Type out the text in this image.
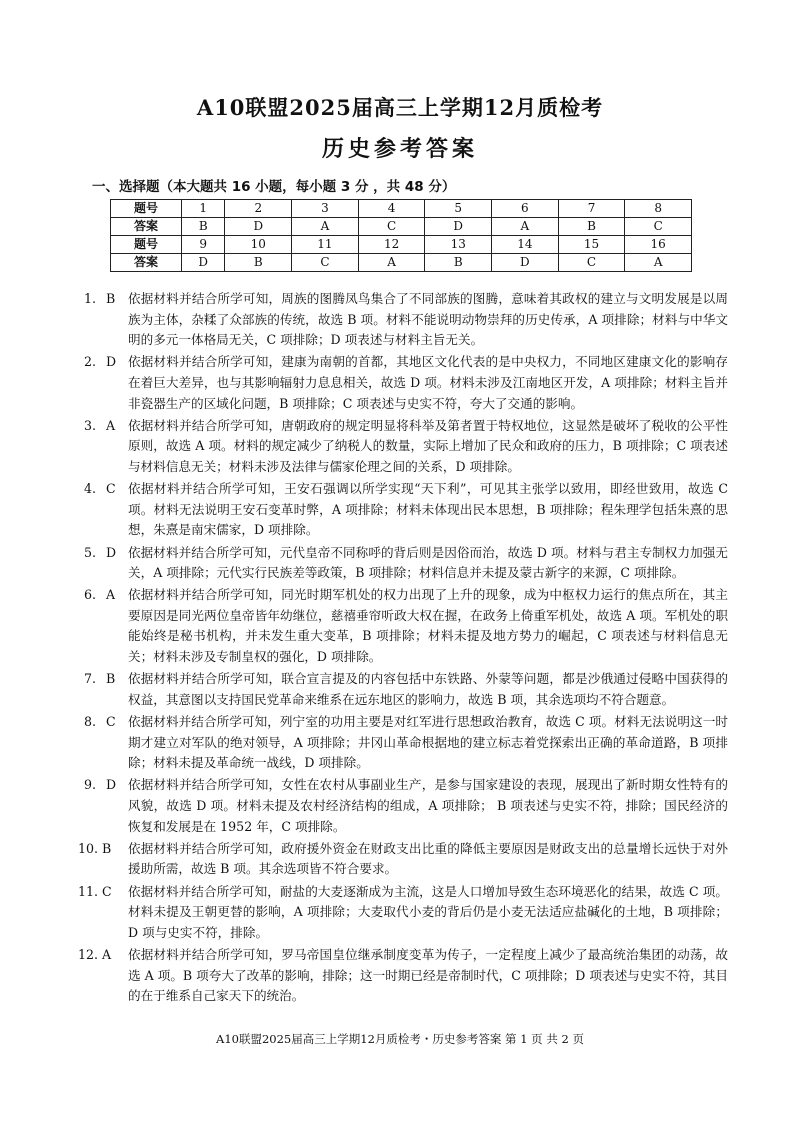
A10联盟2025届高三上学期12月质检考
历史参考答案
一、选择题（本大题共 16 小题，每小题 3 分 ，共 48 分）
题号	1	2	3	4	5	6	7	8
答案	B	D	A	C	D	A	B	C
题号	9	10	11	12	13	14	15	16
答案	D	B	C	A	B	D	C	A
1. B 依据材料并结合所学可知，周族的图腾凤鸟集合了不同部族的图腾，意味着其政权的建立与文明发展是以周族为主体，杂糅了众部族的传统，故选 B 项。材料不能说明动物崇拜的历史传承，A 项排除；材料与中华文明的多元一体格局无关，C 项排除；D 项表述与材料主旨无关。
2. D 依据材料并结合所学可知，建康为南朝的首都，其地区文化代表的是中央权力，不同地区建康文化的影响存在着巨大差异，也与其影响辐射力息息相关，故选 D 项。材料未涉及江南地区开发，A 项排除；材料主旨并非瓷器生产的区域化问题，B 项排除；C 项表述与史实不符，夸大了交通的影响。
3. A 依据材料并结合所学可知，唐朝政府的规定明显将科举及第者置于特权地位，这显然是破坏了税收的公平性原则，故选 A 项。材料的规定减少了纳税人的数量，实际上增加了民众和政府的压力，B 项排除；C 项表述与材料信息无关；材料未涉及法律与儒家伦理之间的关系，D 项排除。
4. C 依据材料并结合所学可知，王安石强调以所学实现“天下利”，可见其主张学以致用，即经世致用，故选 C 项。材料无法说明王安石变革时弊，A 项排除；材料未体现出民本思想，B 项排除；程朱理学包括朱熹的思想，朱熹是南宋儒家，D 项排除。
5. D 依据材料并结合所学可知，元代皇帝不同称呼的背后则是因俗而治，故选 D 项。材料与君主专制权力加强无关，A 项排除；元代实行民族差等政策，B 项排除；材料信息并未提及蒙古新字的来源，C 项排除。
6. A 依据材料并结合所学可知，同光时期军机处的权力出现了上升的现象，成为中枢权力运行的焦点所在，其主要原因是同光两位皇帝皆年幼继位，慈禧垂帘听政大权在握，在政务上倚重军机处，故选 A 项。军机处的职能始终是秘书机构，并未发生重大变革，B 项排除；材料未提及地方势力的崛起，C 项表述与材料信息无关；材料未涉及专制皇权的强化，D 项排除。
7. B 依据材料并结合所学可知，联合宣言提及的内容包括中东铁路、外蒙等问题，都是沙俄通过侵略中国获得的权益，其意图以支持国民党革命来维系在远东地区的影响力，故选 B 项，其余选项均不符合题意。
8. C 依据材料并结合所学可知，列宁室的功用主要是对红军进行思想政治教育，故选 C 项。材料无法说明这一时期才建立对军队的绝对领导，A 项排除；井冈山革命根据地的建立标志着党探索出正确的革命道路，B 项排除；材料未提及革命统一战线，D 项排除。
9. D 依据材料并结合所学可知，女性在农村从事副业生产，是参与国家建设的表现，展现出了新时期女性特有的风貌，故选 D 项。材料未提及农村经济结构的组成，A 项排除； B 项表述与史实不符，排除；国民经济的恢复和发展是在 1952 年，C 项排除。
10. B 依据材料并结合所学可知，政府援外资金在财政支出比重的降低主要原因是财政支出的总量增长远快于对外援助所需，故选 B 项。其余选项皆不符合要求。
11. C 依据材料并结合所学可知，耐盐的大麦逐渐成为主流，这是人口增加导致生态环境恶化的结果，故选 C 项。材料未提及王朝更替的影响，A 项排除；大麦取代小麦的背后仍是小麦无法适应盐碱化的土地，B 项排除；D 项与史实不符，排除。
12. A 依据材料并结合所学可知，罗马帝国皇位继承制度变革为传子，一定程度上减少了最高统治集团的动荡，故选 A 项。B 项夸大了改革的影响，排除；这一时期已经是帝制时代，C 项排除；D 项表述与史实不符，其目的在于维系自己家天下的统治。
A10联盟2025届高三上学期12月质检考・历史参考答案 第 1 页 共 2 页
